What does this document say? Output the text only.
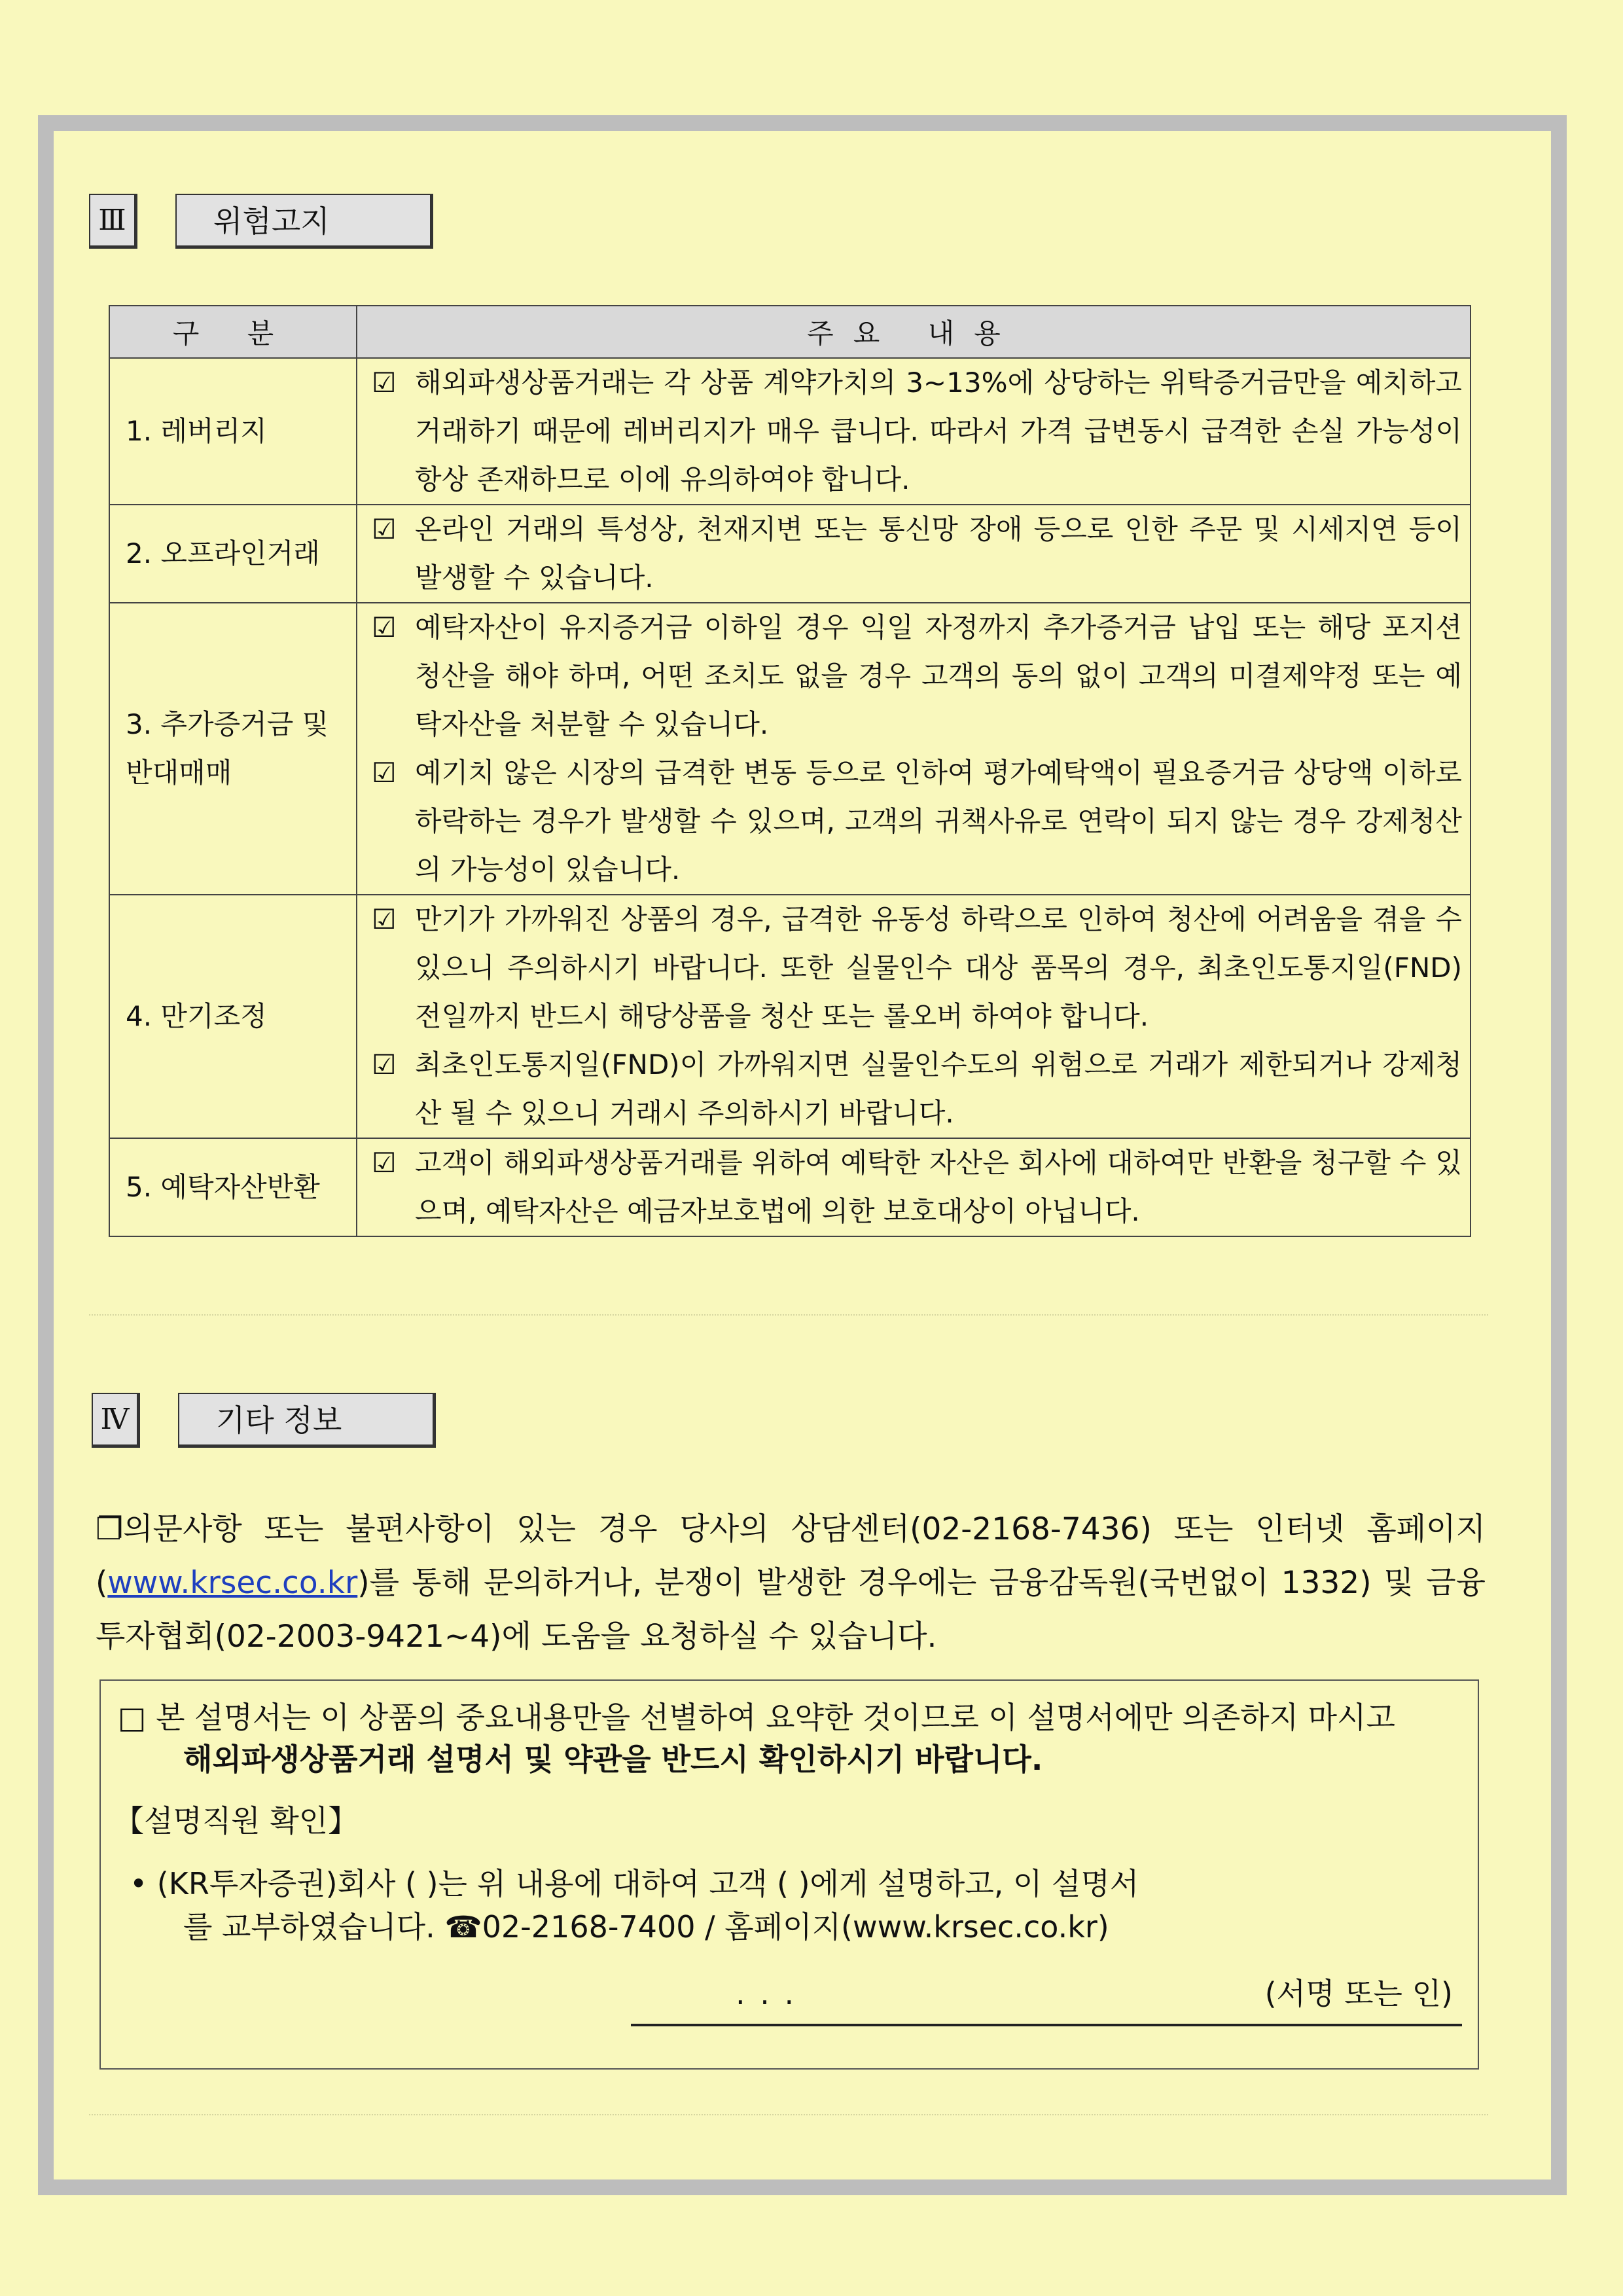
Ⅲ	위험고지
구 분	주요 내용
1. 레버리지	☑ 해외파생상품거래는 각 상품 계약가치의 3~13%에 상당하는 위탁증거금만을 예치하고 거래하기 때문에 레버리지가 매우 큽니다. 따라서 가격 급변동시 급격한 손실 가능성이 항상 존재하므로 이에 유의하여야 합니다.

2. 오프라인거래	☑ 온라인 거래의 특성상, 천재지변 또는 통신망 장애 등으로 인한 주문 및 시세지연 등이 발생할 수 있습니다.

3. 추가증거금 및 반대매매	☑ 예탁자산이 유지증거금 이하일 경우 익일 자정까지 추가증거금 납입 또는 해당 포지션 청산을 해야 하며, 어떤 조치도 없을 경우 고객의 동의 없이 고객의 미결제약정 또는 예탁자산을 처분할 수 있습니다.
☑ 예기치 않은 시장의 급격한 변동 등으로 인하여 평가예탁액이 필요증거금 상당액 이하로 하락하는 경우가 발생할 수 있으며, 고객의 귀책사유로 연락이 되지 않는 경우 강제청산의 가능성이 있습니다.

4. 만기조정	☑ 만기가 가까워진 상품의 경우, 급격한 유동성 하락으로 인하여 청산에 어려움을 겪을 수 있으니 주의하시기 바랍니다. 또한 실물인수 대상 품목의 경우, 최초인도통지일(FND) 전일까지 반드시 해당상품을 청산 또는 롤오버 하여야 합니다.
☑ 최초인도통지일(FND)이 가까워지면 실물인수도의 위험으로 거래가 제한되거나 강제청산 될 수 있으니 거래시 주의하시기 바랍니다.

5. 예탁자산반환	☑ 고객이 해외파생상품거래를 위하여 예탁한 자산은 회사에 대하여만 반환을 청구할 수 있으며, 예탁자산은 예금자보호법에 의한 보호대상이 아닙니다.
Ⅳ	기타 정보
❐의문사항 또는 불편사항이 있는 경우 당사의 상담센터(02-2168-7436) 또는 인터넷 홈페이지(www.krsec.co.kr)를 통해 문의하거나, 분쟁이 발생한 경우에는 금융감독원(국번없이 1332) 및 금융투자협회(02-2003-9421~4)에 도움을 요청하실 수 있습니다.
□ 본 설명서는 이 상품의 중요내용만을 선별하여 요약한 것이므로 이 설명서에만 의존하지 마시고
해외파생상품거래 설명서 및 약관을 반드시 확인하시기 바랍니다.
【설명직원 확인】
• (KR투자증권)회사 ( )는 위 내용에 대하여 고객 ( )에게 설명하고, 이 설명서
를 교부하였습니다. ☎02-2168-7400 / 홈페이지(www.krsec.co.kr)
. . .	(서명 또는 인)
